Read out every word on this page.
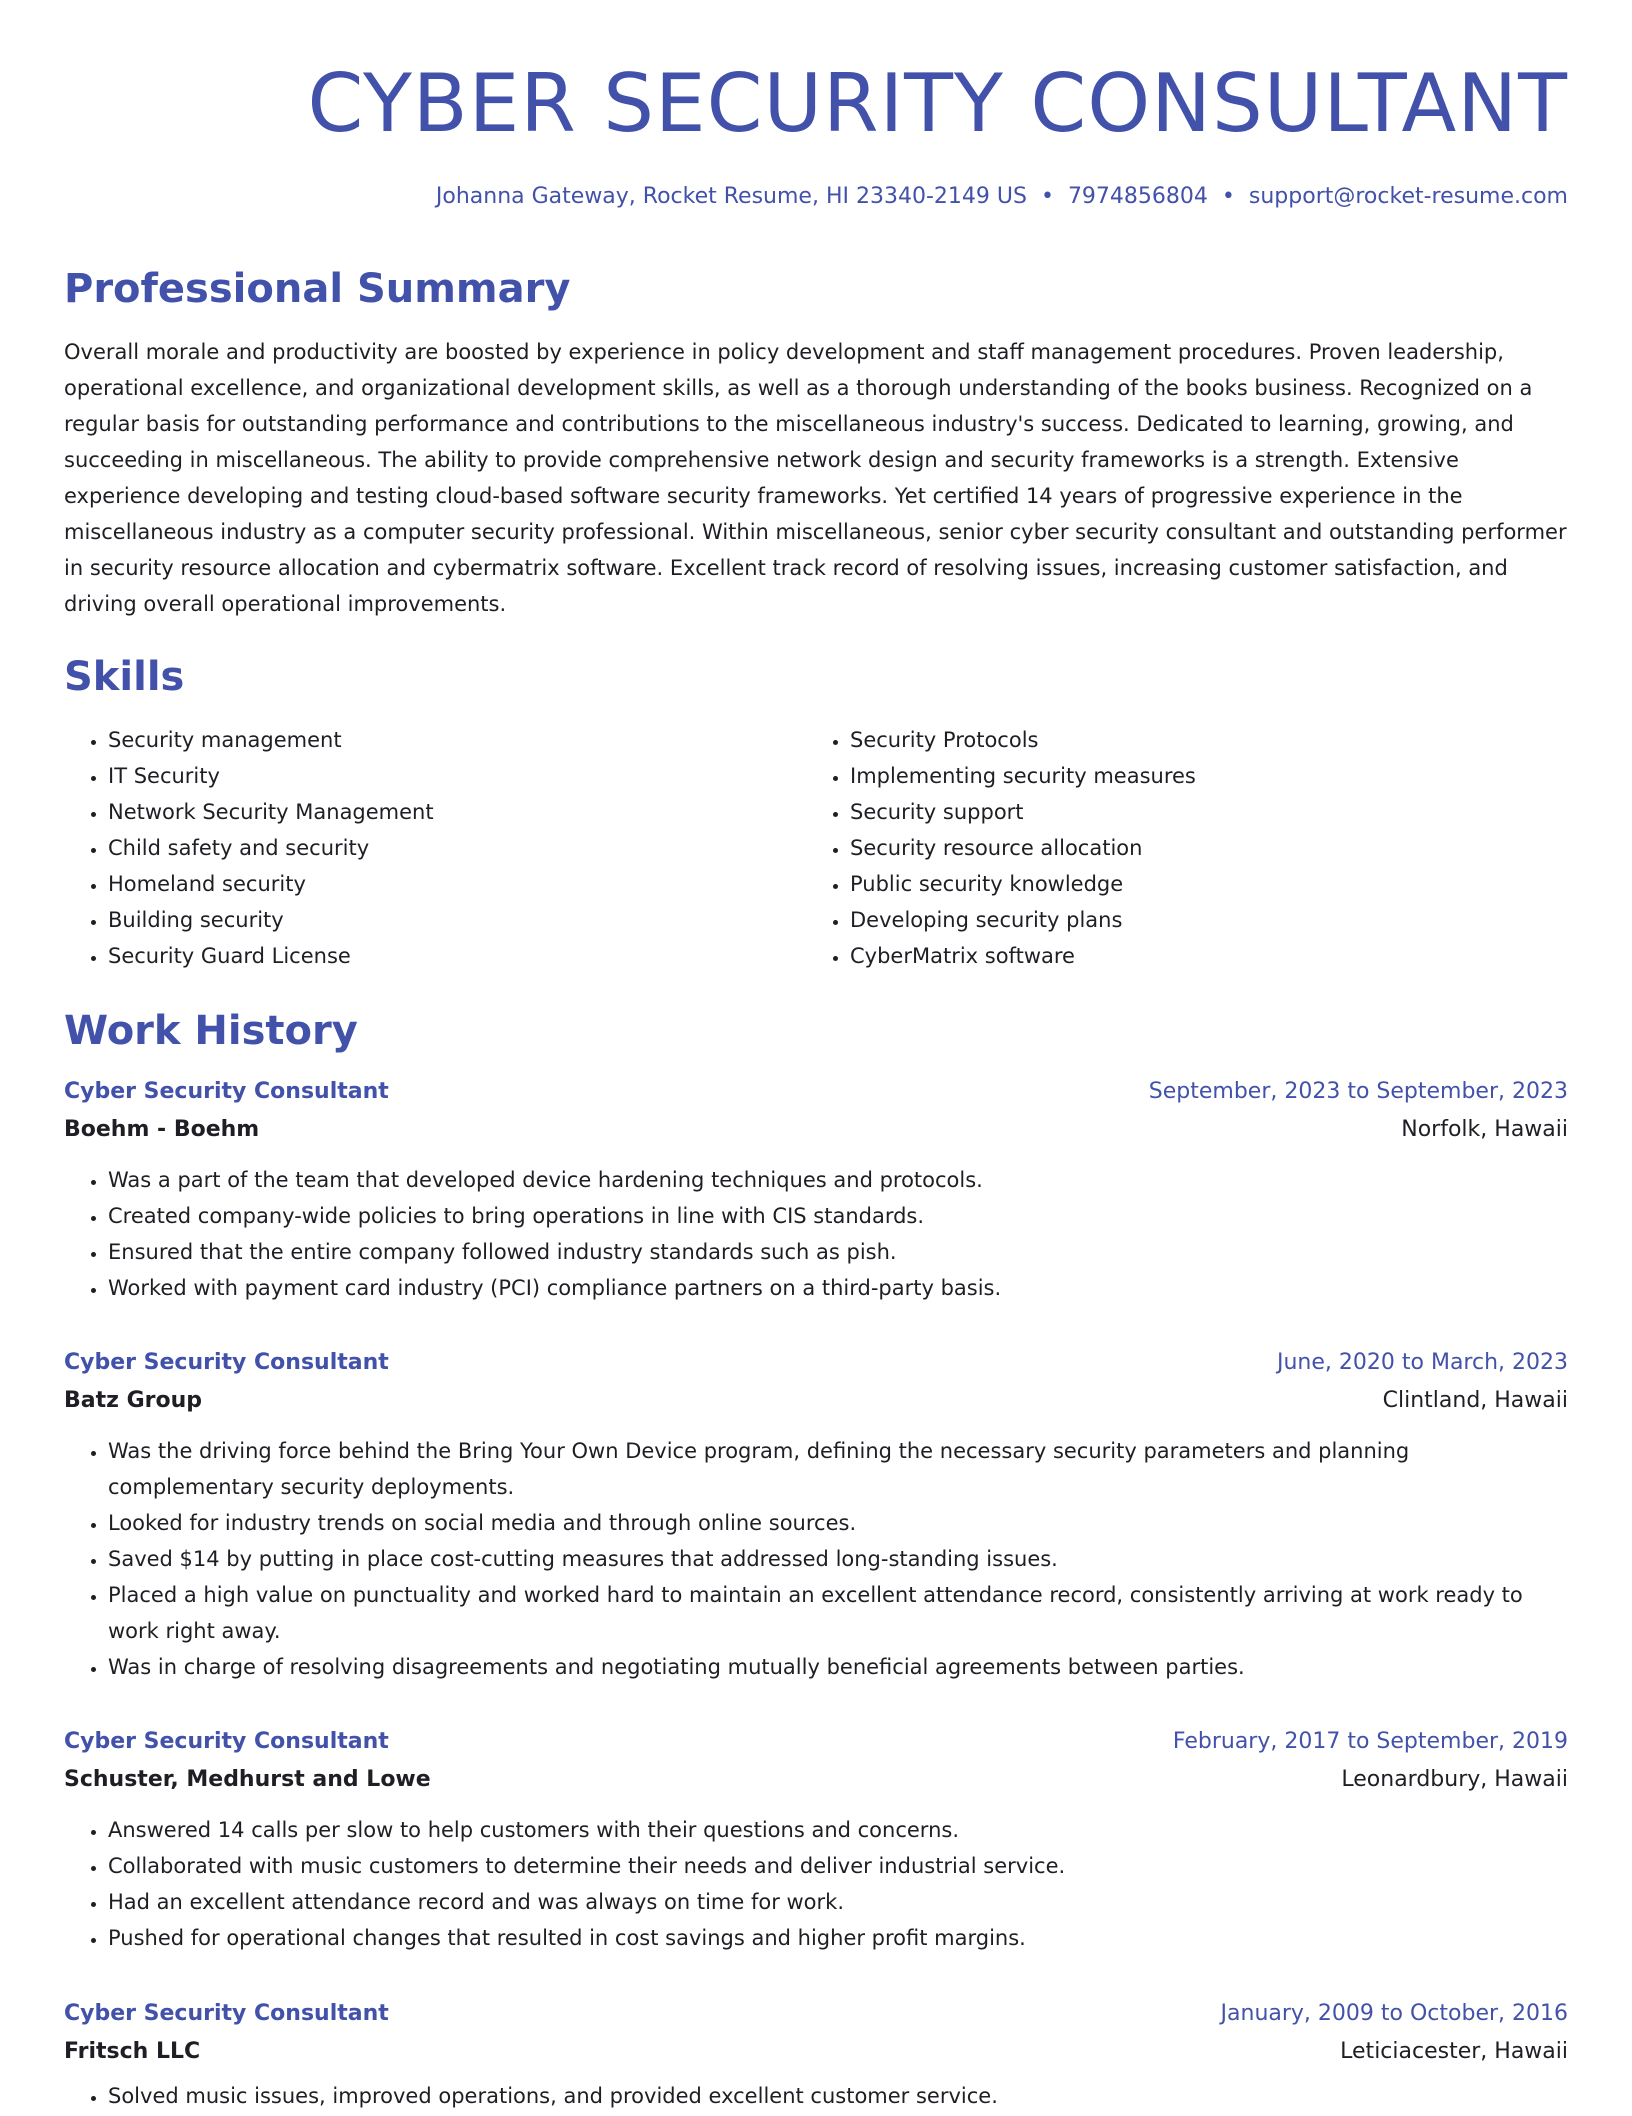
CYBER SECURITY CONSULTANT
Johanna Gateway, Rocket Resume, HI 23340-2149 US • 7974856804 • support@rocket-resume.com
Professional Summary

Overall morale and productivity are boosted by experience in policy development and staff management procedures. Proven leadership, operational excellence, and organizational development skills, as well as a thorough understanding of the books business. Recognized on a regular basis for outstanding performance and contributions to the miscellaneous industry's success. Dedicated to learning, growing, and succeeding in miscellaneous. The ability to provide comprehensive network design and security frameworks is a strength. Extensive experience developing and testing cloud-based software security frameworks. Yet certified 14 years of progressive experience in the miscellaneous industry as a computer security professional. Within miscellaneous, senior cyber security consultant and outstanding performer in security resource allocation and cybermatrix software. Excellent track record of resolving issues, increasing customer satisfaction, and driving overall operational improvements.

Skills
• Security management
• IT Security
• Network Security Management
• Child safety and security
• Homeland security
• Building security
• Security Guard License
• Security Protocols
• Implementing security measures
• Security support
• Security resource allocation
• Public security knowledge
• Developing security plans
• CyberMatrix software
Work History
Cyber Security Consultant	September, 2023 to September, 2023
Boehm - Boehm	Norfolk, Hawaii
• Was a part of the team that developed device hardening techniques and protocols.
• Created company-wide policies to bring operations in line with CIS standards.
• Ensured that the entire company followed industry standards such as pish.
• Worked with payment card industry (PCI) compliance partners on a third-party basis.
Cyber Security Consultant	June, 2020 to March, 2023
Batz Group	Clintland, Hawaii
• Was the driving force behind the Bring Your Own Device program, defining the necessary security parameters and planning complementary security deployments.
• Looked for industry trends on social media and through online sources.
• Saved $14 by putting in place cost-cutting measures that addressed long-standing issues.
• Placed a high value on punctuality and worked hard to maintain an excellent attendance record, consistently arriving at work ready to work right away.
• Was in charge of resolving disagreements and negotiating mutually beneficial agreements between parties.
Cyber Security Consultant	February, 2017 to September, 2019
Schuster, Medhurst and Lowe	Leonardbury, Hawaii
• Answered 14 calls per slow to help customers with their questions and concerns.
• Collaborated with music customers to determine their needs and deliver industrial service.
• Had an excellent attendance record and was always on time for work.
• Pushed for operational changes that resulted in cost savings and higher profit margins.
Cyber Security Consultant	January, 2009 to October, 2016
Fritsch LLC	Leticiacester, Hawaii
• Solved music issues, improved operations, and provided excellent customer service.
